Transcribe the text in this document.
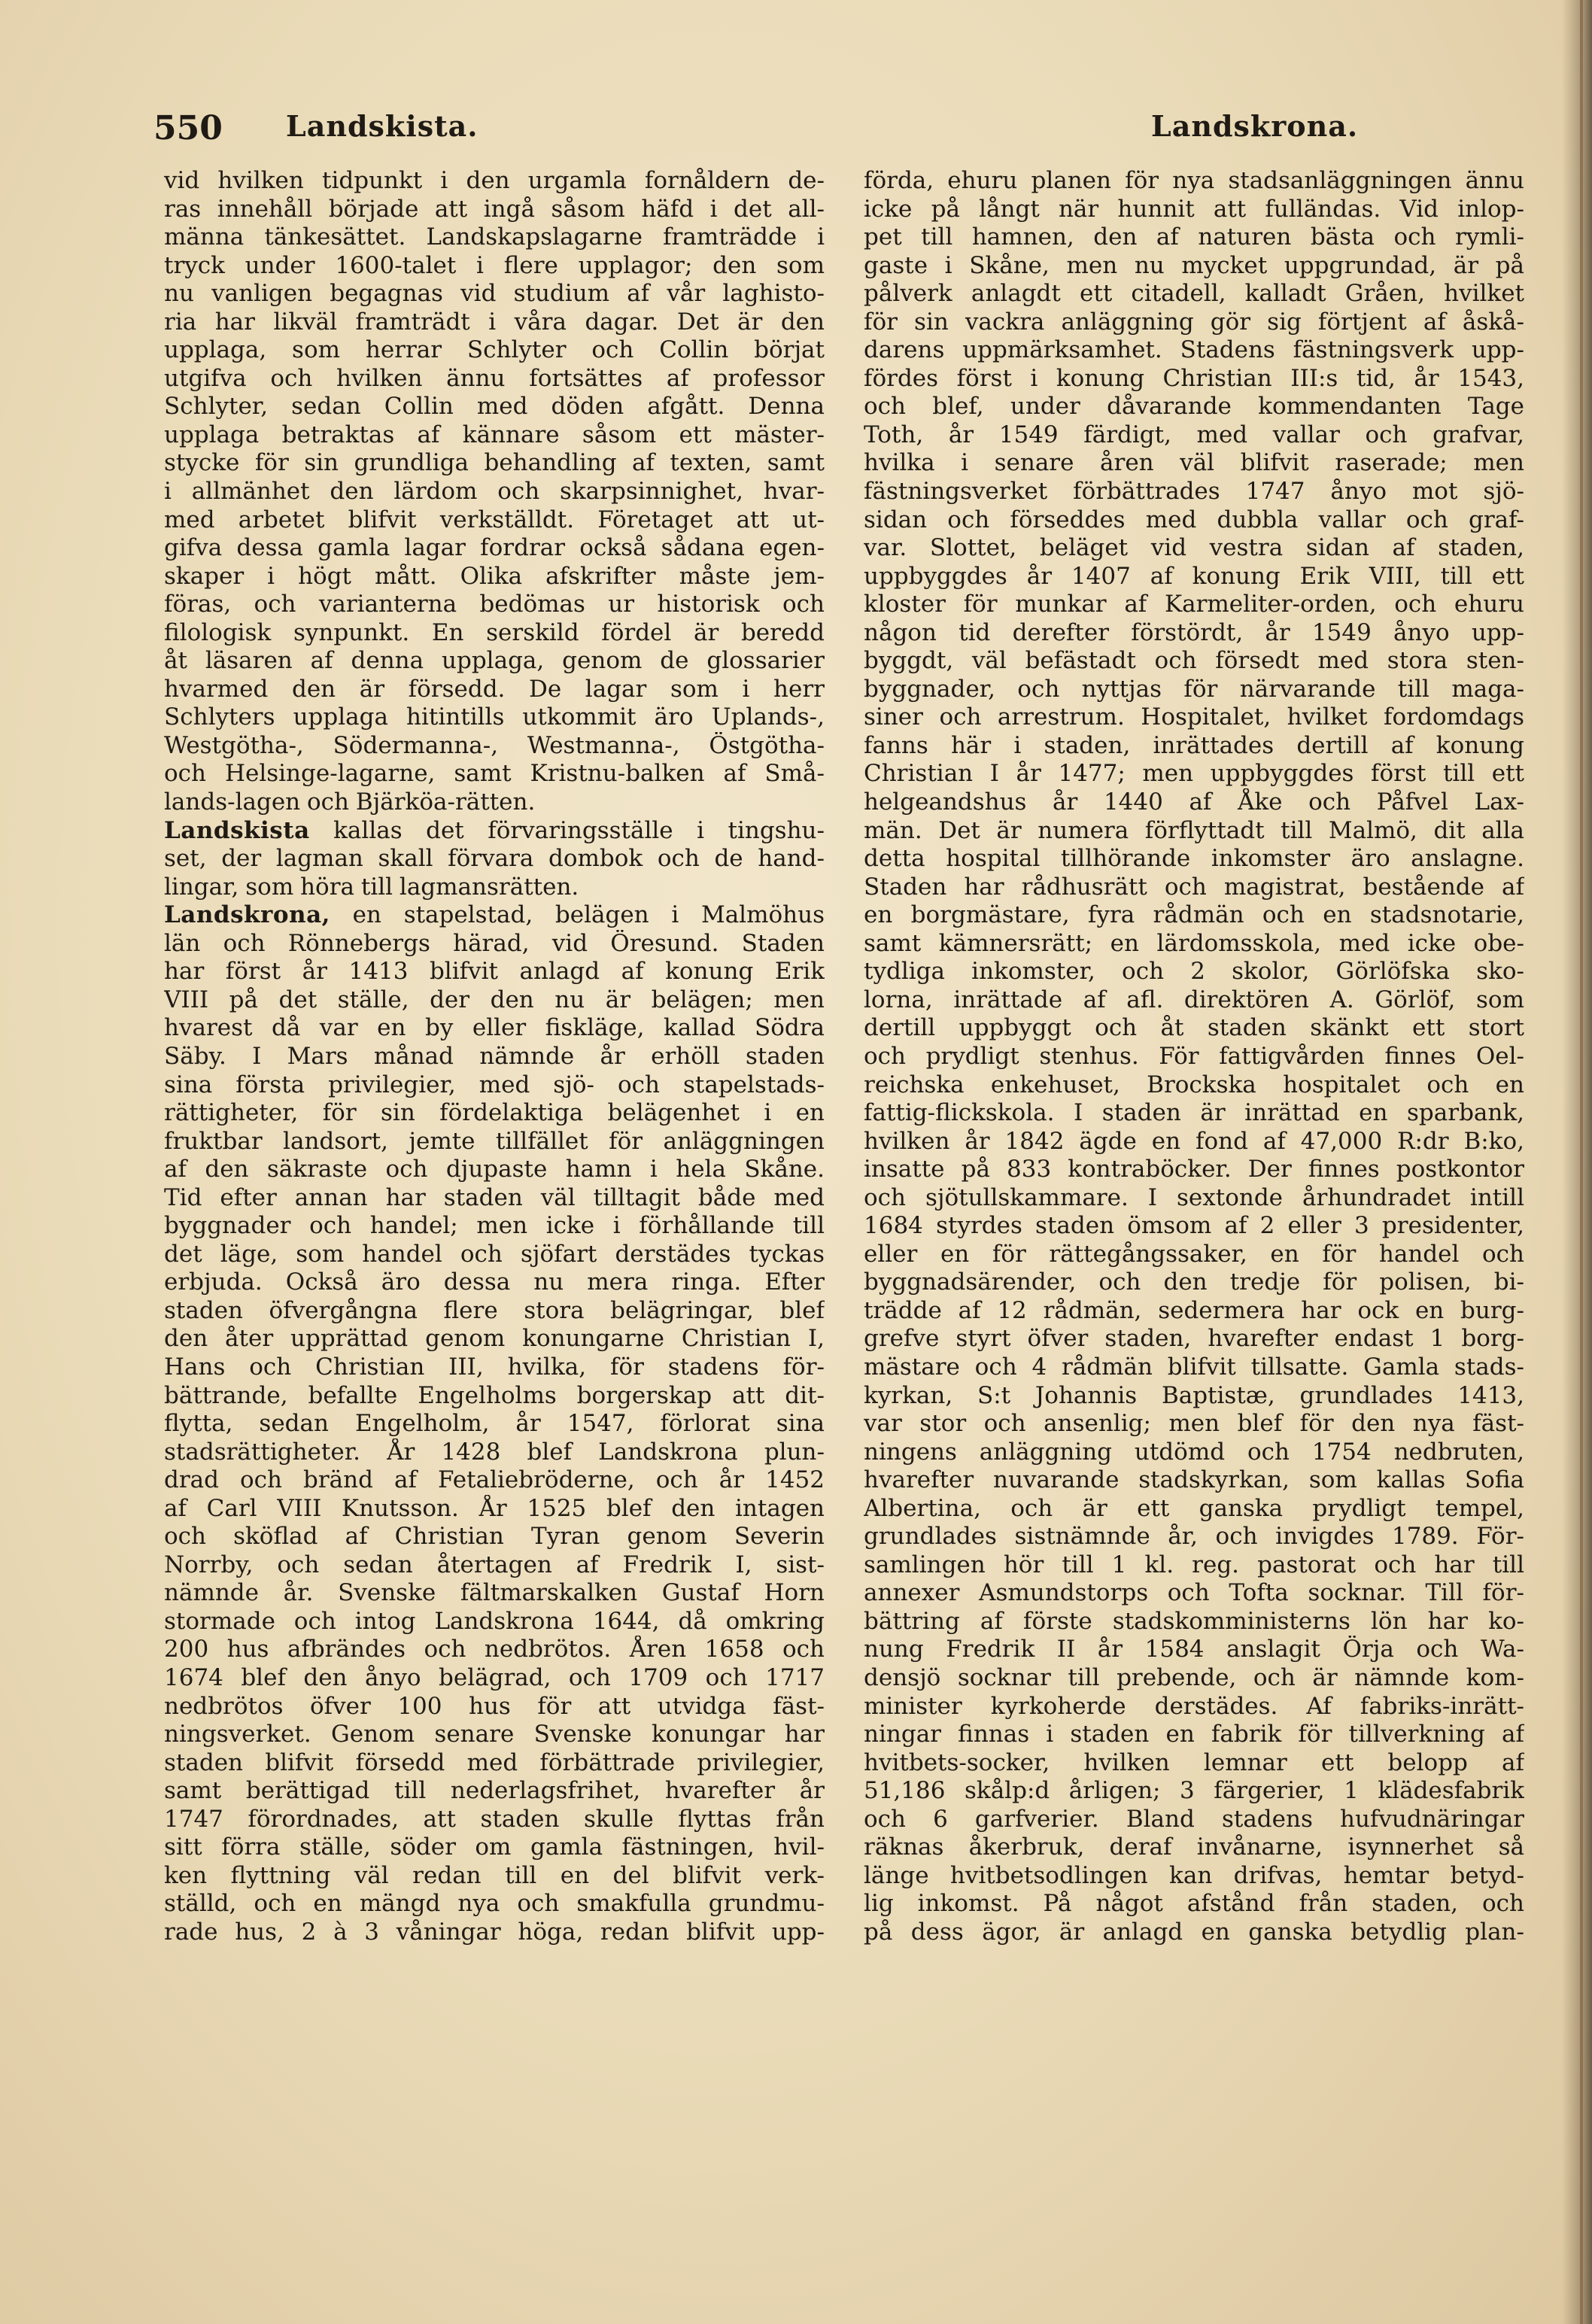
550 Landskista.	Landskrona.
vid hvilken tidpunkt i den urgamla fornåldern de-
ras innehåll började att ingå såsom häfd i det all-
männa tänkesättet. Landskapslagarne framträdde i
tryck under 1600-talet i flere upplagor; den som
nu vanligen begagnas vid studium af vår laghisto-
ria har likväl framträdt i våra dagar. Det är den
upplaga, som herrar Schlyter och Collin börjat
utgifva och hvilken ännu fortsättes af professor
Schlyter, sedan Collin med döden afgått. Denna
upplaga betraktas af kännare såsom ett mäster-
stycke för sin grundliga behandling af texten, samt
i allmänhet den lärdom och skarpsinnighet, hvar-
med arbetet blifvit verkställdt. Företaget att ut-
gifva dessa gamla lagar fordrar också sådana egen-
skaper i högt mått. Olika afskrifter måste jem-
föras, och varianterna bedömas ur historisk och
filologisk synpunkt. En serskild fördel är beredd
åt läsaren af denna upplaga, genom de glossarier
hvarmed den är försedd. De lagar som i herr
Schlyters upplaga hitintills utkommit äro Uplands-,
Westgötha-, Södermanna-, Westmanna-, Östgötha-
och Helsinge-lagarne, samt Kristnu-balken af Små-
lands-lagen och Bjärköa-rätten.
Landskista kallas det förvaringsställe i tingshu-
set, der lagman skall förvara dombok och de hand-
lingar, som höra till lagmansrätten.
Landskrona, en stapelstad, belägen i Malmöhus
län och Rönnebergs härad, vid Öresund. Staden
har först år 1413 blifvit anlagd af konung Erik
VIII på det ställe, der den nu är belägen; men
hvarest då var en by eller fiskläge, kallad Södra
Säby. I Mars månad nämnde år erhöll staden
sina första privilegier, med sjö- och stapelstads-
rättigheter, för sin fördelaktiga belägenhet i en
fruktbar landsort, jemte tillfället för anläggningen
af den säkraste och djupaste hamn i hela Skåne.
Tid efter annan har staden väl tilltagit både med
byggnader och handel; men icke i förhållande till
det läge, som handel och sjöfart derstädes tyckas
erbjuda. Också äro dessa nu mera ringa. Efter
staden öfvergångna flere stora belägringar, blef
den åter upprättad genom konungarne Christian I,
Hans och Christian III, hvilka, för stadens för-
bättrande, befallte Engelholms borgerskap att dit-
flytta, sedan Engelholm, år 1547, förlorat sina
stadsrättigheter. År 1428 blef Landskrona plun-
drad och bränd af Fetaliebröderne, och år 1452
af Carl VIII Knutsson. År 1525 blef den intagen
och sköflad af Christian Tyran genom Severin
Norrby, och sedan återtagen af Fredrik I, sist-
nämnde år. Svenske fältmarskalken Gustaf Horn
stormade och intog Landskrona 1644, då omkring
200 hus afbrändes och nedbrötos. Åren 1658 och
1674 blef den ånyo belägrad, och 1709 och 1717
nedbrötos öfver 100 hus för att utvidga fäst-
ningsverket. Genom senare Svenske konungar har
staden blifvit försedd med förbättrade privilegier,
samt berättigad till nederlagsfrihet, hvarefter år
1747 förordnades, att staden skulle flyttas från
sitt förra ställe, söder om gamla fästningen, hvil-
ken flyttning väl redan till en del blifvit verk-
ställd, och en mängd nya och smakfulla grundmu-
rade hus, 2 à 3 våningar höga, redan blifvit upp-
förda, ehuru planen för nya stadsanläggningen ännu
icke på långt när hunnit att fulländas. Vid inlop-
pet till hamnen, den af naturen bästa och rymli-
gaste i Skåne, men nu mycket uppgrundad, är på
pålverk anlagdt ett citadell, kalladt Gråen, hvilket
för sin vackra anläggning gör sig förtjent af åskå-
darens uppmärksamhet. Stadens fästningsverk upp-
fördes först i konung Christian III:s tid, år 1543,
och blef, under dåvarande kommendanten Tage
Toth, år 1549 färdigt, med vallar och grafvar,
hvilka i senare åren väl blifvit raserade; men
fästningsverket förbättrades 1747 ånyo mot sjö-
sidan och förseddes med dubbla vallar och graf-
var. Slottet, beläget vid vestra sidan af staden,
uppbyggdes år 1407 af konung Erik VIII, till ett
kloster för munkar af Karmeliter-orden, och ehuru
någon tid derefter förstördt, år 1549 ånyo upp-
byggdt, väl befästadt och försedt med stora sten-
byggnader, och nyttjas för närvarande till maga-
siner och arrestrum. Hospitalet, hvilket fordomdags
fanns här i staden, inrättades dertill af konung
Christian I år 1477; men uppbyggdes först till ett
helgeandshus år 1440 af Åke och Påfvel Lax-
män. Det är numera förflyttadt till Malmö, dit alla
detta hospital tillhörande inkomster äro anslagne.
Staden har rådhusrätt och magistrat, bestående af
en borgmästare, fyra rådmän och en stadsnotarie,
samt kämnersrätt; en lärdomsskola, med icke obe-
tydliga inkomster, och 2 skolor, Görlöfska sko-
lorna, inrättade af afl. direktören A. Görlöf, som
dertill uppbyggt och åt staden skänkt ett stort
och prydligt stenhus. För fattigvården finnes Oel-
reichska enkehuset, Brockska hospitalet och en
fattig-flickskola. I staden är inrättad en sparbank,
hvilken år 1842 ägde en fond af 47,000 R:dr B:ko,
insatte på 833 kontraböcker. Der finnes postkontor
och sjötullskammare. I sextonde århundradet intill
1684 styrdes staden ömsom af 2 eller 3 presidenter,
eller en för rättegångssaker, en för handel och
byggnadsärender, och den tredje för polisen, bi-
trädde af 12 rådmän, sedermera har ock en burg-
grefve styrt öfver staden, hvarefter endast 1 borg-
mästare och 4 rådmän blifvit tillsatte. Gamla stads-
kyrkan, S:t Johannis Baptistæ, grundlades 1413,
var stor och ansenlig; men blef för den nya fäst-
ningens anläggning utdömd och 1754 nedbruten,
hvarefter nuvarande stadskyrkan, som kallas Sofia
Albertina, och är ett ganska prydligt tempel,
grundlades sistnämnde år, och invigdes 1789. För-
samlingen hör till 1 kl. reg. pastorat och har till
annexer Asmundstorps och Tofta socknar. Till för-
bättring af förste stadskomministerns lön har ko-
nung Fredrik II år 1584 anslagit Örja och Wa-
densjö socknar till prebende, och är nämnde kom-
minister kyrkoherde derstädes. Af fabriks-inrätt-
ningar finnas i staden en fabrik för tillverkning af
hvitbets-socker, hvilken lemnar ett belopp af
51,186 skålp:d årligen; 3 färgerier, 1 klädesfabrik
och 6 garfverier. Bland stadens hufvudnäringar
räknas åkerbruk, deraf invånarne, isynnerhet så
länge hvitbetsodlingen kan drifvas, hemtar betyd-
lig inkomst. På något afstånd från staden, och
på dess ägor, är anlagd en ganska betydlig plan-
